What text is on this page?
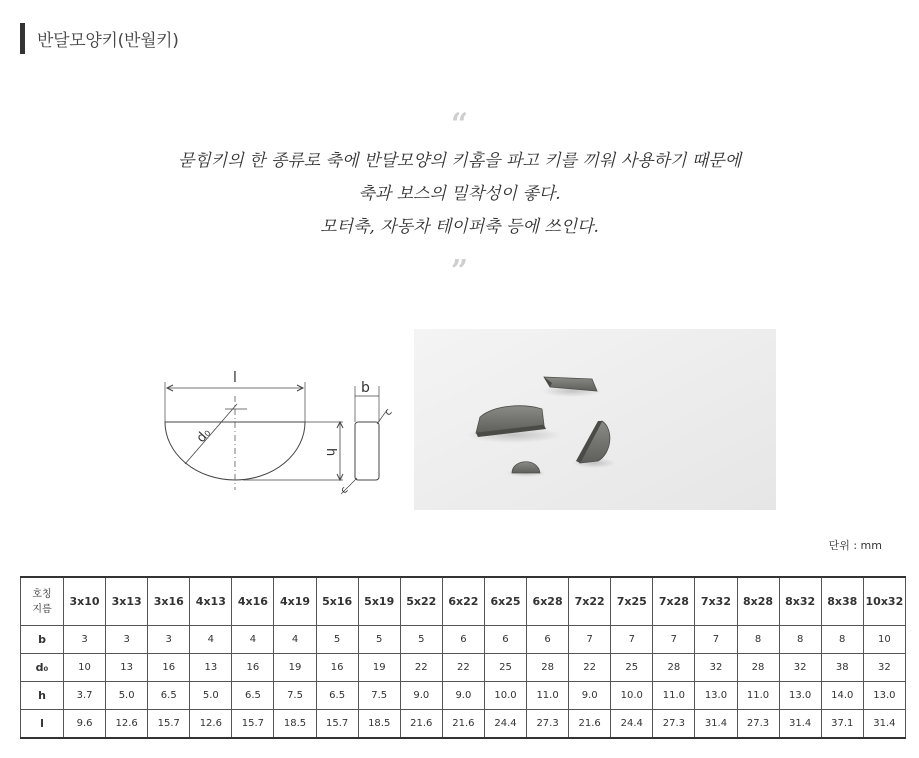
반달모양키(반월키)
“
묻힘키의 한 종류로 축에 반달모양의 키홈을 파고 키를 끼워 사용하기 때문에
축과 보스의 밀착성이 좋다.
모터축, 자동차 테이퍼축 등에 쓰인다.
”
l
b
d₀
h
c
c
단위 : mm
호칭
지름	3x10	3x13	3x16	4x13	4x16	4x19	5x16	5x19	5x22	6x22	6x25	6x28	7x22	7x25	7x28	7x32	8x28	8x32	8x38	10x32
b	3	3	3	4	4	4	5	5	5	6	6	6	7	7	7	7	8	8	8	10
d₀	10	13	16	13	16	19	16	19	22	22	25	28	22	25	28	32	28	32	38	32
h	3.7	5.0	6.5	5.0	6.5	7.5	6.5	7.5	9.0	9.0	10.0	11.0	9.0	10.0	11.0	13.0	11.0	13.0	14.0	13.0
l	9.6	12.6	15.7	12.6	15.7	18.5	15.7	18.5	21.6	21.6	24.4	27.3	21.6	24.4	27.3	31.4	27.3	31.4	37.1	31.4
